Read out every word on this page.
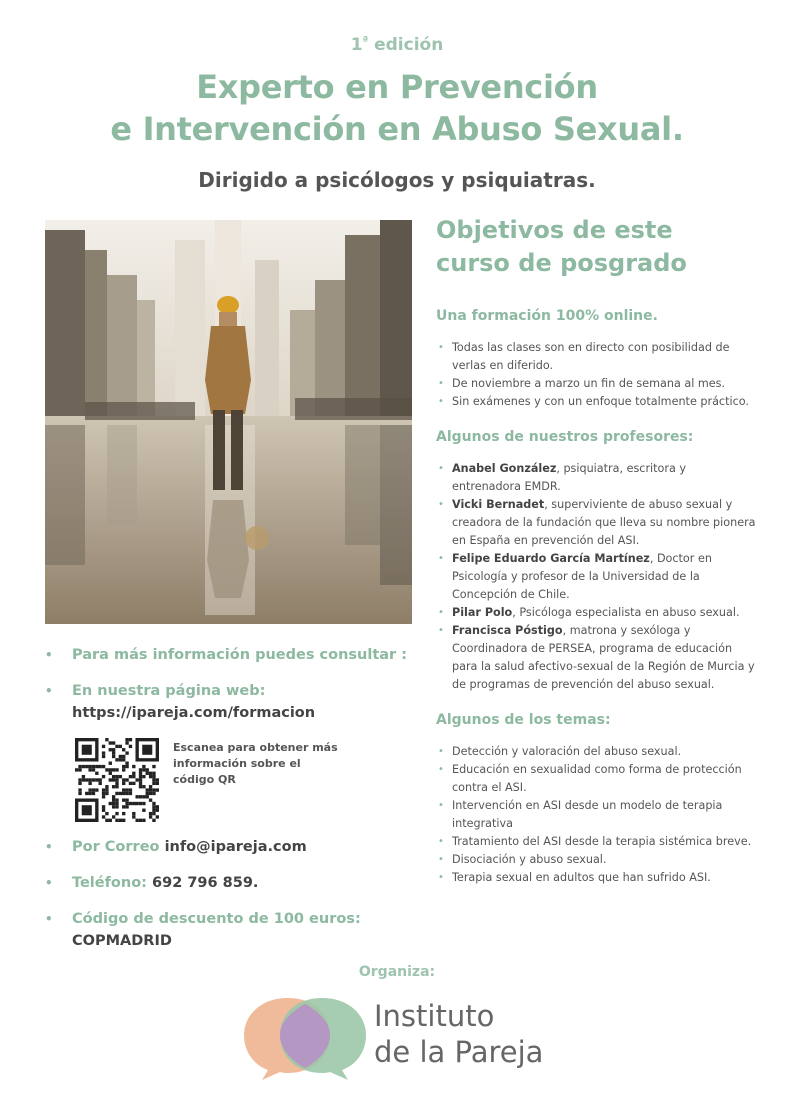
$1^ª$ edición
Experto en Prevención
e Intervención en Abuso Sexual.
Dirigido a psicólogos y psiquiatras.
Objetivos de este
curso de posgrado
Una formación 100% online.
• Todas las clases son en directo con posibilidad de verlas en diferido.
• De noviembre a marzo un fin de semana al mes.
• Sin exámenes y con un enfoque totalmente práctico.
Algunos de nuestros profesores:
• Anabel González, psiquiatra, escritora y entrenadora EMDR.
• Vicki Bernadet, superviviente de abuso sexual y creadora de la fundación que lleva su nombre pionera en España en prevención del ASI.
• Felipe Eduardo García Martínez, Doctor en Psicología y profesor de la Universidad de la Concepción de Chile.
• Pilar Polo, Psicóloga especialista en abuso sexual.
• Francisca Póstigo, matrona y sexóloga y Coordinadora de PERSEA, programa de educación para la salud afectivo-sexual de la Región de Murcia y de programas de prevención del abuso sexual.
Algunos de los temas:
• Detección y valoración del abuso sexual.
• Educación en sexualidad como forma de protección contra el ASI.
• Intervención en ASI desde un modelo de terapia integrativa
• Tratamiento del ASI desde la terapia sistémica breve.
• Disociación y abuso sexual.
• Terapia sexual en adultos que han sufrido ASI.
• Para más información puedes consultar :
• En nuestra página web:
https://ipareja.com/formacion
Escanea para obtener más información sobre el código QR
• Por Correo info@ipareja.com
• Teléfono: 692 796 859.
• Código de descuento de 100 euros:
COPMADRID
Organiza:
Instituto
de la Pareja
